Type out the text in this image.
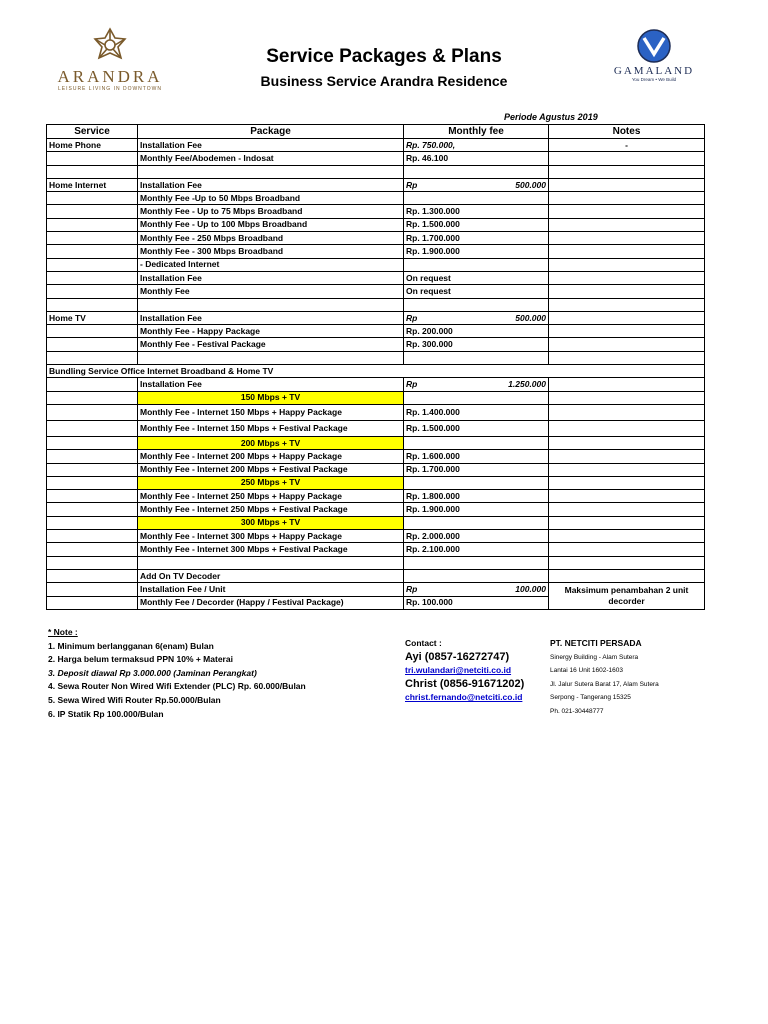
ARANDRA
LEISURE LIVING IN DOWNTOWN
Service Packages & Plans
Business Service Arandra Residence
GAMALAND
You Dream • We Build
Periode Agustus 2019
Service	Package	Monthly fee	Notes
Home Phone	Installation Fee	Rp. 750.000,	-
	Monthly Fee/Abodemen - Indosat	Rp. 46.100	

Home Internet	Installation Fee	Rp 500.000	

	Monthly Fee -Up to 50 Mbps Broadband		
	Monthly Fee - Up to 75 Mbps Broadband	Rp. 1.300.000	
	Monthly Fee - Up to 100 Mbps Broadband	Rp. 1.500.000	
	Monthly Fee - 250 Mbps Broadband	Rp. 1.700.000	
	Monthly Fee - 300 Mbps Broadband	Rp. 1.900.000	
	- Dedicated Internet		
	Installation Fee	On request	
	Monthly Fee	On request	

Home TV	Installation Fee	Rp 500.000	

	Monthly Fee - Happy Package	Rp. 200.000	
	Monthly Fee - Festival Package	Rp. 300.000	

Bundling Service Office Internet Broadband & Home TV			
	Installation Fee	Rp 1.250.000	

	150 Mbps + TV		
	Monthly Fee - Internet 150 Mbps + Happy Package	Rp. 1.400.000	
	Monthly Fee - Internet 150 Mbps + Festival Package	Rp. 1.500.000	
	200 Mbps + TV		
	Monthly Fee - Internet 200 Mbps + Happy Package	Rp. 1.600.000	
	Monthly Fee - Internet 200 Mbps + Festival Package	Rp. 1.700.000	
	250 Mbps + TV		
	Monthly Fee - Internet 250 Mbps + Happy Package	Rp. 1.800.000	
	Monthly Fee - Internet 250 Mbps + Festival Package	Rp. 1.900.000	
	300 Mbps + TV		
	Monthly Fee - Internet 300 Mbps + Happy Package	Rp. 2.000.000	
	Monthly Fee - Internet 300 Mbps + Festival Package	Rp. 2.100.000	

	Add On TV Decoder		
	Installation Fee / Unit	Rp 100.000	Maksimum penambahan 2 unit decorder
	Monthly Fee / Decorder (Happy / Festival Package)	Rp. 100.000	
* Note :
1. Minimum berlangganan 6(enam) Bulan
2. Harga belum termaksud PPN 10% + Materai
3. Deposit diawal Rp 3.000.000 (Jaminan Perangkat)
4. Sewa Router Non Wired Wifi Extender (PLC) Rp. 60.000/Bulan
5. Sewa Wired Wifi Router Rp.50.000/Bulan
6. IP Statik Rp 100.000/Bulan
Contact :
Ayi (0857-16272747)
tri.wulandari@netciti.co.id
Christ (0856-91671202)
christ.fernando@netciti.co.id
PT. NETCITI PERSADA
Sinergy Building - Alam Sutera
Lantai 16 Unit 1602-1603
Jl. Jalur Sutera Barat 17, Alam Sutera
Serpong - Tangerang 15325
Ph. 021-30448777
